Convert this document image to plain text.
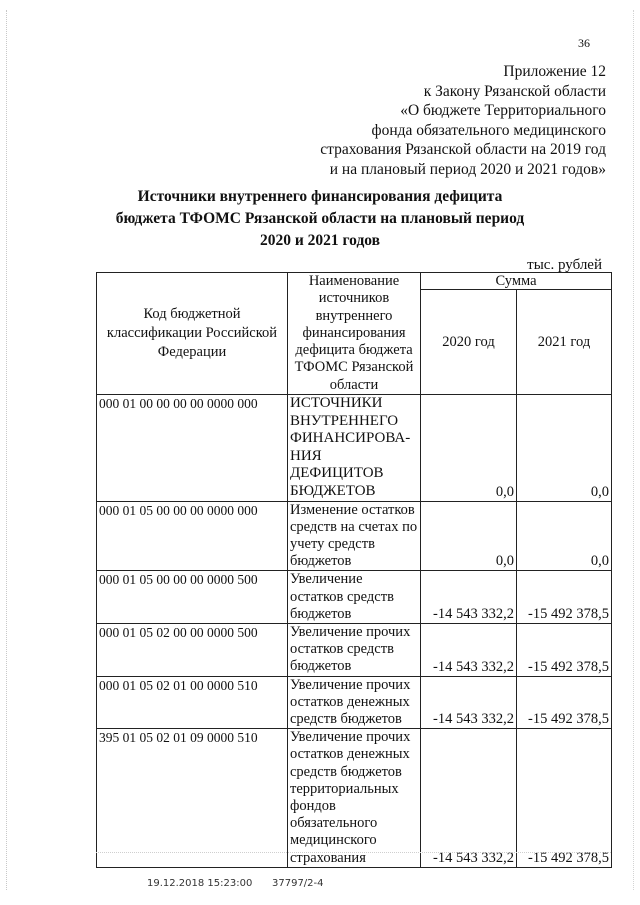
36
Приложение 12
к Закону Рязанской области
«О бюджете Территориального
фонда обязательного медицинского
страхования Рязанской области на 2019 год
и на плановый период 2020 и 2021 годов»
Источники внутреннего финансирования дефицита
бюджета ТФОМС Рязанской области на плановый период
2020 и 2021 годов
тыс. рублей
Код бюджетной классификации Российской Федерации	Наименование источников внутреннего финансирования дефицита бюджета ТФОМС Рязанской области	Сумма	
		2020 год	2021 год
000 01 00 00 00 00 0000 000	ИСТОЧНИКИ ВНУТРЕННЕГО ФИНАНСИРОВА-НИЯ ДЕФИЦИТОВ БЮДЖЕТОВ	0,0	0,0
000 01 05 00 00 00 0000 000	Изменение остатков средств на счетах по учету средств бюджетов	0,0	0,0
000 01 05 00 00 00 0000 500	Увеличение остатков средств бюджетов	-14 543 332,2	-15 492 378,5
000 01 05 02 00 00 0000 500	Увеличение прочих остатков средств бюджетов	-14 543 332,2	-15 492 378,5
000 01 05 02 01 00 0000 510	Увеличение прочих остатков денежных средств бюджетов	-14 543 332,2	-15 492 378,5
395 01 05 02 01 09 0000 510	Увеличение прочих остатков денежных средств бюджетов территориальных фондов обязательного медицинского страхования	-14 543 332,2	-15 492 378,5
19.12.2018 15:23:00 37797/2-4
